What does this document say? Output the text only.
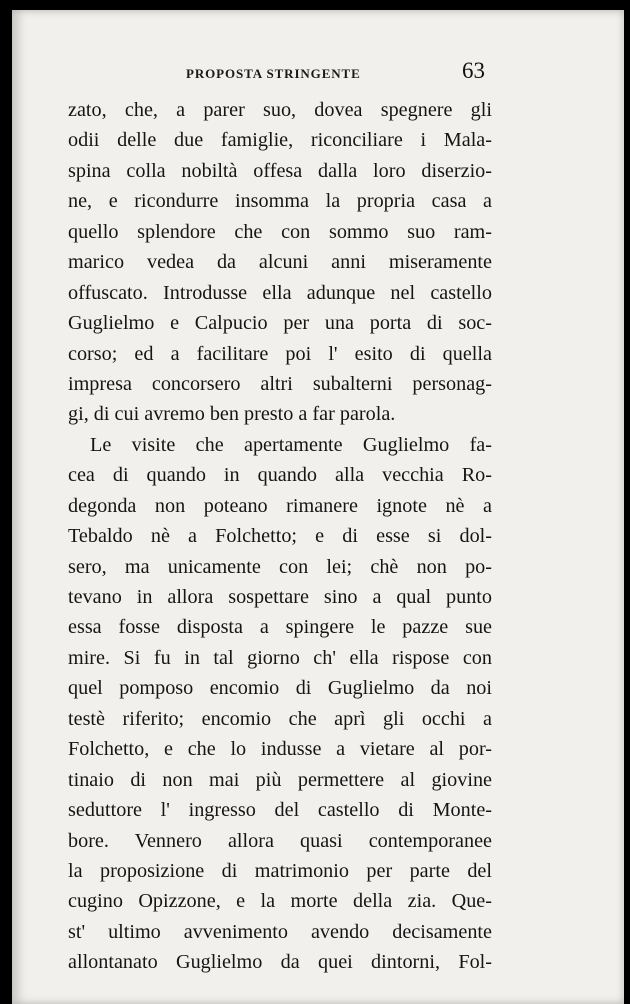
PROPOSTA STRINGENTE	63
zato, che, a parer suo, dovea spegnere gli
odii delle due famiglie, riconciliare i Mala-
spina colla nobiltà offesa dalla loro diserzio-
ne, e ricondurre insomma la propria casa a
quello splendore che con sommo suo ram-
marico vedea da alcuni anni miseramente
offuscato. Introdusse ella adunque nel castello
Guglielmo e Calpucio per una porta di soc-
corso; ed a facilitare poi l' esito di quella
impresa concorsero altri subalterni personag-
gi, di cui avremo ben presto a far parola.
Le visite che apertamente Guglielmo fa-
cea di quando in quando alla vecchia Ro-
degonda non poteano rimanere ignote nè a
Tebaldo nè a Folchetto; e di esse si dol-
sero, ma unicamente con lei; chè non po-
tevano in allora sospettare sino a qual punto
essa fosse disposta a spingere le pazze sue
mire. Si fu in tal giorno ch' ella rispose con
quel pomposo encomio di Guglielmo da noi
testè riferito; encomio che aprì gli occhi a
Folchetto, e che lo indusse a vietare al por-
tinaio di non mai più permettere al giovine
seduttore l' ingresso del castello di Monte-
bore. Vennero allora quasi contemporanee
la proposizione di matrimonio per parte del
cugino Opizzone, e la morte della zia. Que-
st' ultimo avvenimento avendo decisamente
allontanato Guglielmo da quei dintorni, Fol-
